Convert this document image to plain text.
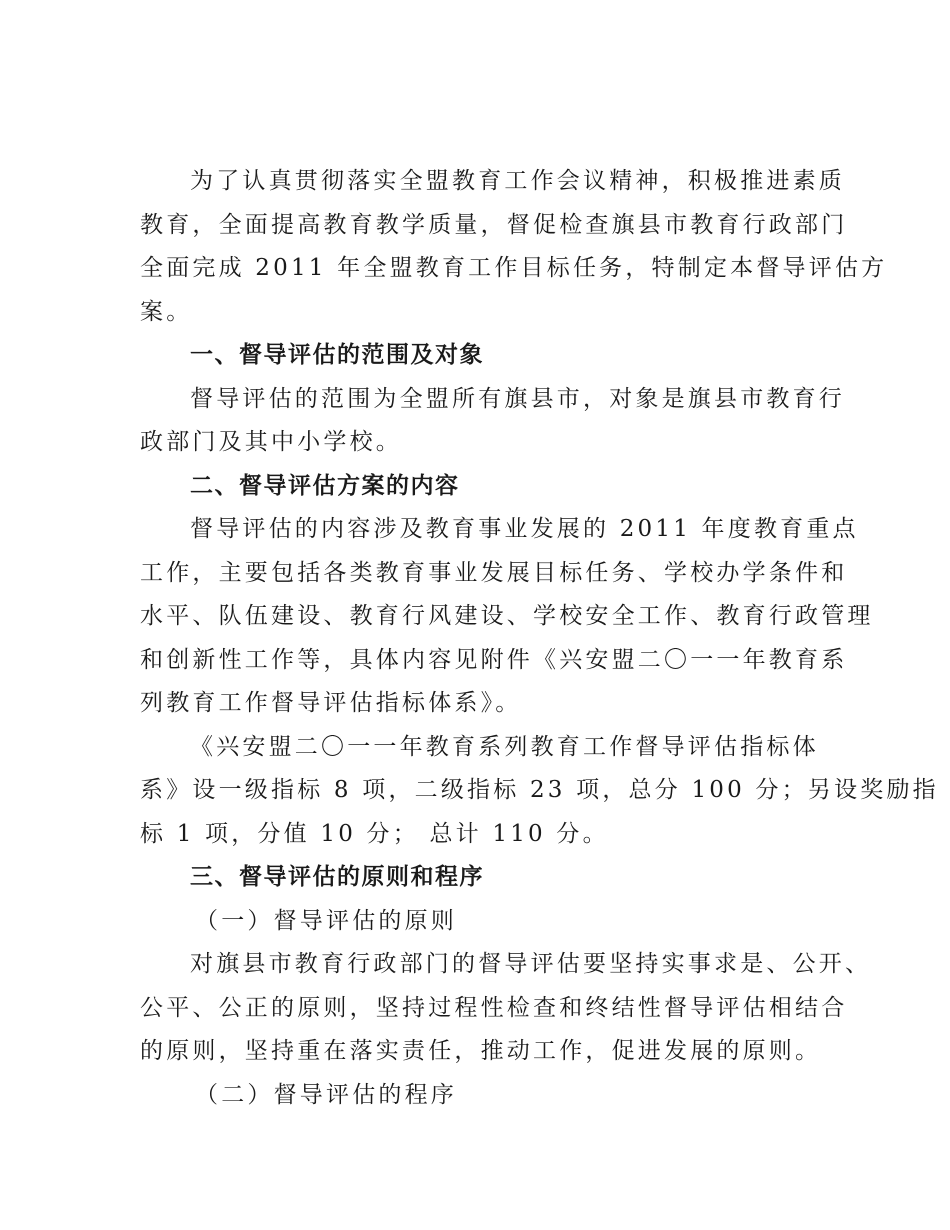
为了认真贯彻落实全盟教育工作会议精神，积极推进素质
教育，全面提高教育教学质量，督促检查旗县市教育行政部门
全面完成 2011 年全盟教育工作目标任务，特制定本督导评估方
案。
一、督导评估的范围及对象
督导评估的范围为全盟所有旗县市，对象是旗县市教育行
政部门及其中小学校。
二、督导评估方案的内容
督导评估的内容涉及教育事业发展的 2011 年度教育重点
工作，主要包括各类教育事业发展目标任务、学校办学条件和
水平、队伍建设、教育行风建设、学校安全工作、教育行政管理
和创新性工作等，具体内容见附件《兴安盟二〇一一年教育系
列教育工作督导评估指标体系》。
《兴安盟二〇一一年教育系列教育工作督导评估指标体
系》设一级指标 8 项，二级指标 23 项，总分 100 分；另设奖励指
标 1 项，分值 10 分； 总计 110 分。
三、督导评估的原则和程序
（一）督导评估的原则
对旗县市教育行政部门的督导评估要坚持实事求是、公开、
公平、公正的原则，坚持过程性检查和终结性督导评估相结合
的原则，坚持重在落实责任，推动工作，促进发展的原则。
（二）督导评估的程序
